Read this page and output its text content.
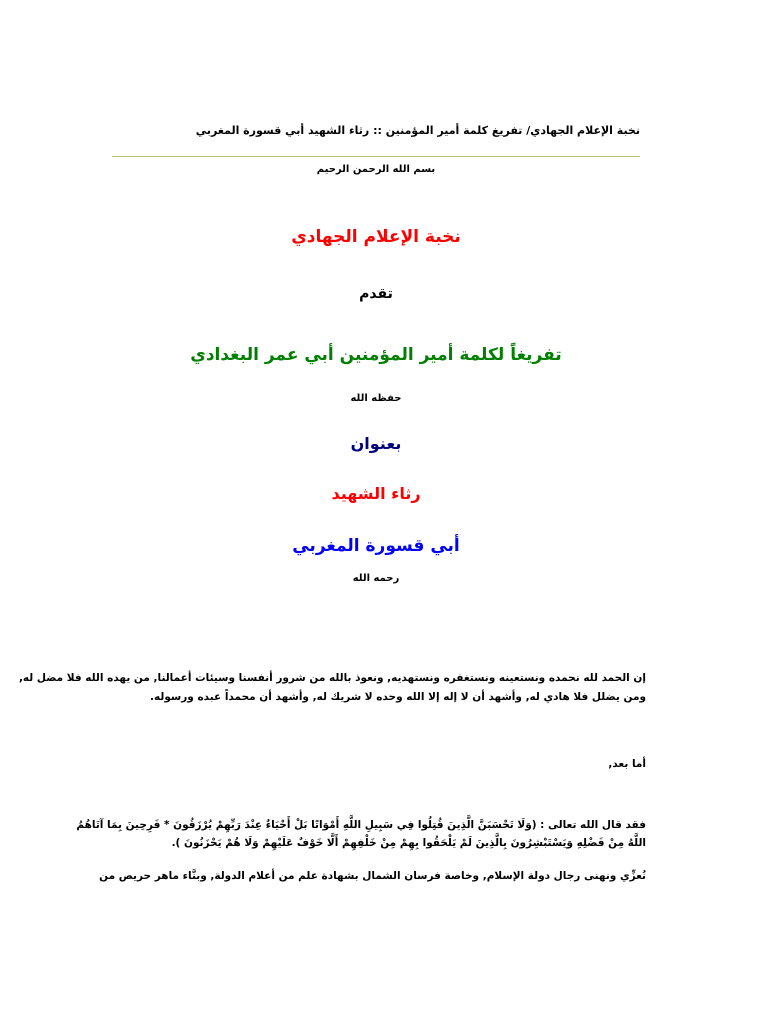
نخبة الإعلام الجهادي/ تفريغ كلمة أمير المؤمنين :: رثاء الشهيد أبي قسورة المغربي
بسم الله الرحمن الرحيم
نخبة الإعلام الجهادي
تقدم
تفريغاً لكلمة أمير المؤمنين أبي عمر البغدادي
حفظه الله
بعنوان
رثاء الشهيد
أبي قسورة المغربي
رحمه الله
إن الحمد لله نحمده ونستعينه ونستغفره ونستهديه, ونعوذ بالله من شرور أنفسنا وسيئات أعمالنا, من يهده الله فلا مضل له,
ومن يضلل فلا هادي له, وأشهد أن لا إله إلا الله وحده لا شريك له, وأشهد أن محمداً عبده ورسوله.
أما بعد,
فقد قال الله تعالى : (وَلَا تَحْسَبَنَّ الَّذِينَ قُتِلُوا فِي سَبِيلِ اللَّهِ أَمْوَاتًا بَلْ أَحْيَاءٌ عِنْدَ رَبِّهِمْ يُرْزَقُونَ * فَرِحِينَ بِمَا آتَاهُمُ
اللَّهُ مِنْ فَضْلِهِ وَيَسْتَبْشِرُونَ بِالَّذِينَ لَمْ يَلْحَقُوا بِهِمْ مِنْ خَلْفِهِمْ أَلَّا خَوْفٌ عَلَيْهِمْ وَلَا هُمْ يَحْزَنُونَ ).
نُعزِّي ونهنى رجال دولة الإسلام, وخاصة فرسان الشمال بشهادة علم من أعلام الدولة, وبنَّاء ماهر حريص من
